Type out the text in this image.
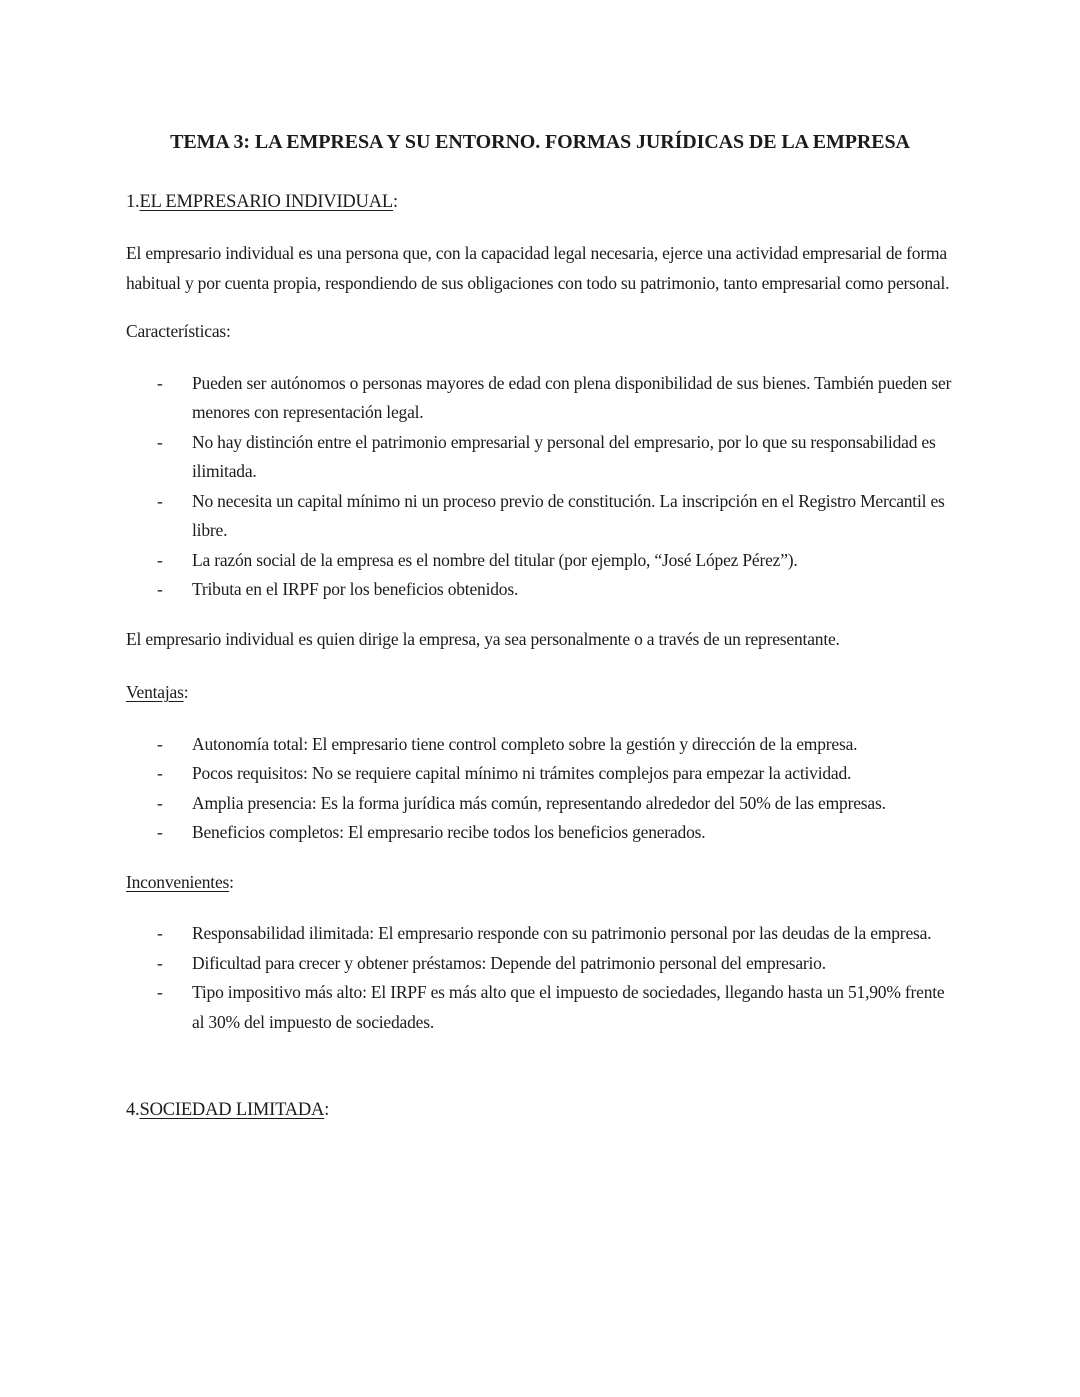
TEMA 3: LA EMPRESA Y SU ENTORNO. FORMAS JURÍDICAS DE LA EMPRESA
1.EL EMPRESARIO INDIVIDUAL:

El empresario individual es una persona que, con la capacidad legal necesaria, ejerce una actividad empresarial de forma habitual y por cuenta propia, respondiendo de sus obligaciones con todo su patrimonio, tanto empresarial como personal.

Características:

-	Pueden ser autónomos o personas mayores de edad con plena disponibilidad de sus bienes. También pueden ser menores con representación legal.
-	No hay distinción entre el patrimonio empresarial y personal del empresario, por lo que su responsabilidad es ilimitada.
-	No necesita un capital mínimo ni un proceso previo de constitución. La inscripción en el Registro Mercantil es libre.
-	La razón social de la empresa es el nombre del titular (por ejemplo, “José López Pérez”).
-	Tributa en el IRPF por los beneficios obtenidos.

El empresario individual es quien dirige la empresa, ya sea personalmente o a través de un representante.

Ventajas:

-	Autonomía total: El empresario tiene control completo sobre la gestión y dirección de la empresa.
-	Pocos requisitos: No se requiere capital mínimo ni trámites complejos para empezar la actividad.
-	Amplia presencia: Es la forma jurídica más común, representando alrededor del 50% de las empresas.
-	Beneficios completos: El empresario recibe todos los beneficios generados.

Inconvenientes:

-	Responsabilidad ilimitada: El empresario responde con su patrimonio personal por las deudas de la empresa.
-	Dificultad para crecer y obtener préstamos: Depende del patrimonio personal del empresario.
-	Tipo impositivo más alto: El IRPF es más alto que el impuesto de sociedades, llegando hasta un 51,90% frente al 30% del impuesto de sociedades.
4.SOCIEDAD LIMITADA:
